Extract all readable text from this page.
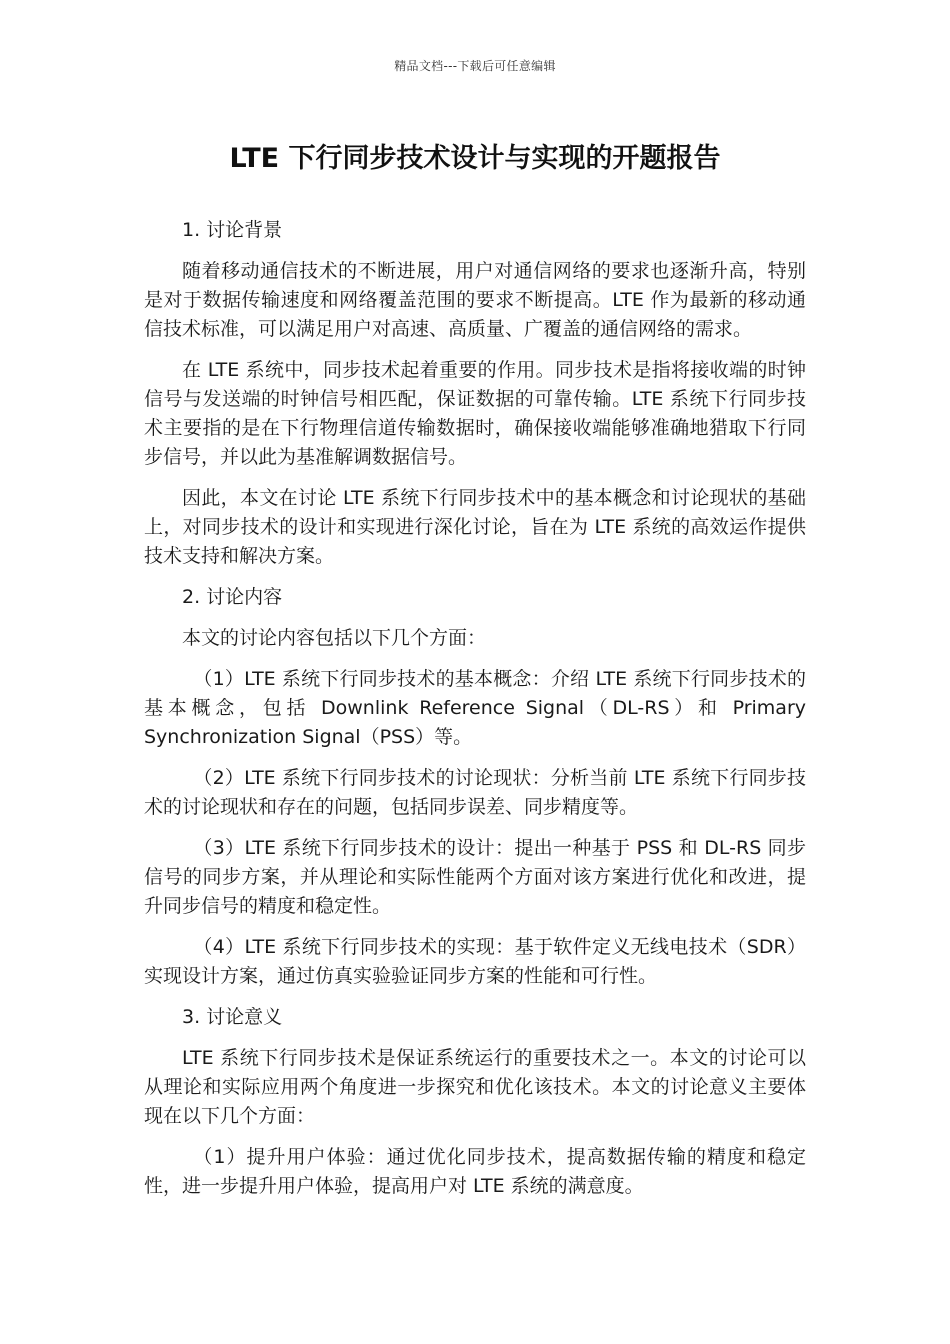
精品文档---下载后可任意编辑
LTE 下行同步技术设计与实现的开题报告

1. 讨论背景

随着移动通信技术的不断进展，用户对通信网络的要求也逐渐升高，特别是对于数据传输速度和网络覆盖范围的要求不断提高。LTE 作为最新的移动通信技术标准，可以满足用户对高速、高质量、广覆盖的通信网络的需求。

在 LTE 系统中，同步技术起着重要的作用。同步技术是指将接收端的时钟信号与发送端的时钟信号相匹配，保证数据的可靠传输。LTE 系统下行同步技术主要指的是在下行物理信道传输数据时，确保接收端能够准确地猎取下行同步信号，并以此为基准解调数据信号。

因此，本文在讨论 LTE 系统下行同步技术中的基本概念和讨论现状的基础上，对同步技术的设计和实现进行深化讨论，旨在为 LTE 系统的高效运作提供技术支持和解决方案。

2. 讨论内容

本文的讨论内容包括以下几个方面：

（1）LTE 系统下行同步技术的基本概念：介绍 LTE 系统下行同步技术的基本概念，包括 Downlink Reference Signal（DL-RS）和 Primary Synchronization Signal（PSS）等。

（2）LTE 系统下行同步技术的讨论现状：分析当前 LTE 系统下行同步技术的讨论现状和存在的问题，包括同步误差、同步精度等。

（3）LTE 系统下行同步技术的设计：提出一种基于 PSS 和 DL-RS 同步信号的同步方案，并从理论和实际性能两个方面对该方案进行优化和改进，提升同步信号的精度和稳定性。

（4）LTE 系统下行同步技术的实现：基于软件定义无线电技术（SDR）实现设计方案，通过仿真实验验证同步方案的性能和可行性。

3. 讨论意义

LTE 系统下行同步技术是保证系统运行的重要技术之一。本文的讨论可以从理论和实际应用两个角度进一步探究和优化该技术。本文的讨论意义主要体现在以下几个方面：

（1）提升用户体验：通过优化同步技术，提高数据传输的精度和稳定性，进一步提升用户体验，提高用户对 LTE 系统的满意度。
